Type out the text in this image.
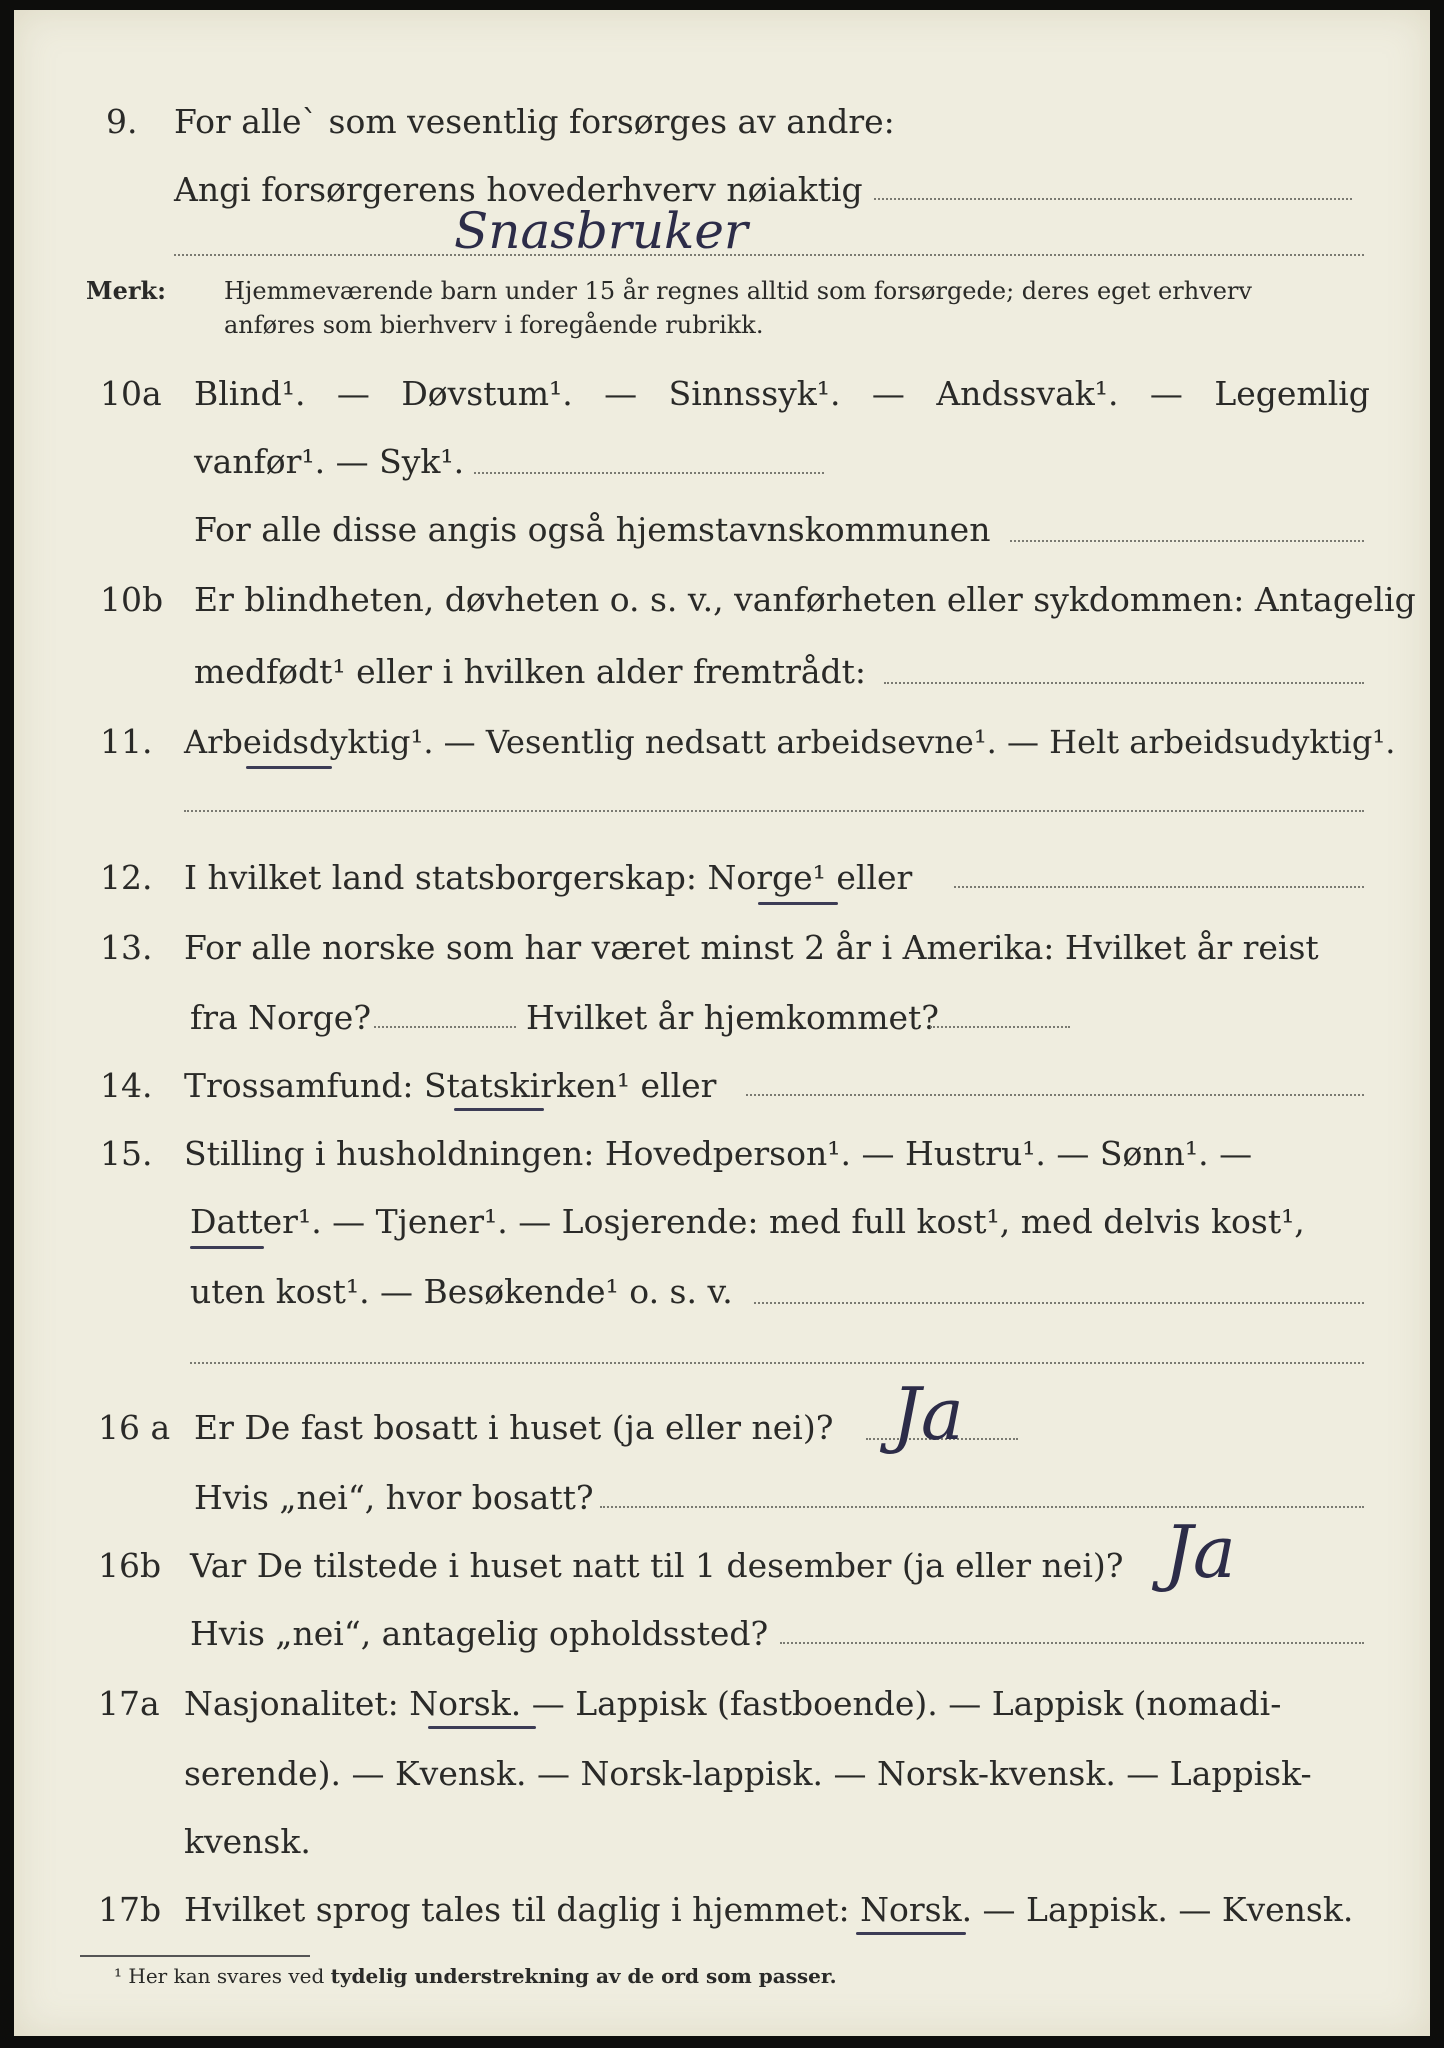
9. For alle` som vesentlig forsørges av andre:
Angi forsørgerens hovederhverv nøiaktig
Snasbruker
Merk: Hjemmeværende barn under 15 år regnes alltid som forsørgede; deres eget erhverv
anføres som bierhverv i foregående rubrikk.
10a Blind¹. — Døvstum¹. — Sinnssyk¹. — Andssvak¹. — Legemlig
vanfør¹. — Syk¹.
For alle disse angis også hjemstavnskommunen
10b Er blindheten, døvheten o. s. v., vanførheten eller sykdommen: Antagelig
medfødt¹ eller i hvilken alder fremtrådt:
11. Arbeidsdyktig¹. — Vesentlig nedsatt arbeidsevne¹. — Helt arbeidsudyktig¹.
12. I hvilket land statsborgerskap: Norge¹ eller
13. For alle norske som har været minst 2 år i Amerika: Hvilket år reist
fra Norge?	Hvilket år hjemkommet?
14. Trossamfund: Statskirken¹ eller
15. Stilling i husholdningen: Hovedperson¹. — Hustru¹. — Sønn¹. —
Datter¹. — Tjener¹. — Losjerende: med full kost¹, med delvis kost¹,
uten kost¹. — Besøkende¹ o. s. v.
16 a Er De fast bosatt i huset (ja eller nei)? Ja
Hvis „nei“, hvor bosatt?
16b Var De tilstede i huset natt til 1 desember (ja eller nei)? Ja
Hvis „nei“, antagelig opholdssted?
17a Nasjonalitet: Norsk. — Lappisk (fastboende). — Lappisk (nomadi-
serende). — Kvensk. — Norsk-lappisk. — Norsk-kvensk. — Lappisk-
kvensk.
17b Hvilket sprog tales til daglig i hjemmet: Norsk. — Lappisk. — Kvensk.
¹ Her kan svares ved tydelig understrekning av de ord som passer.
